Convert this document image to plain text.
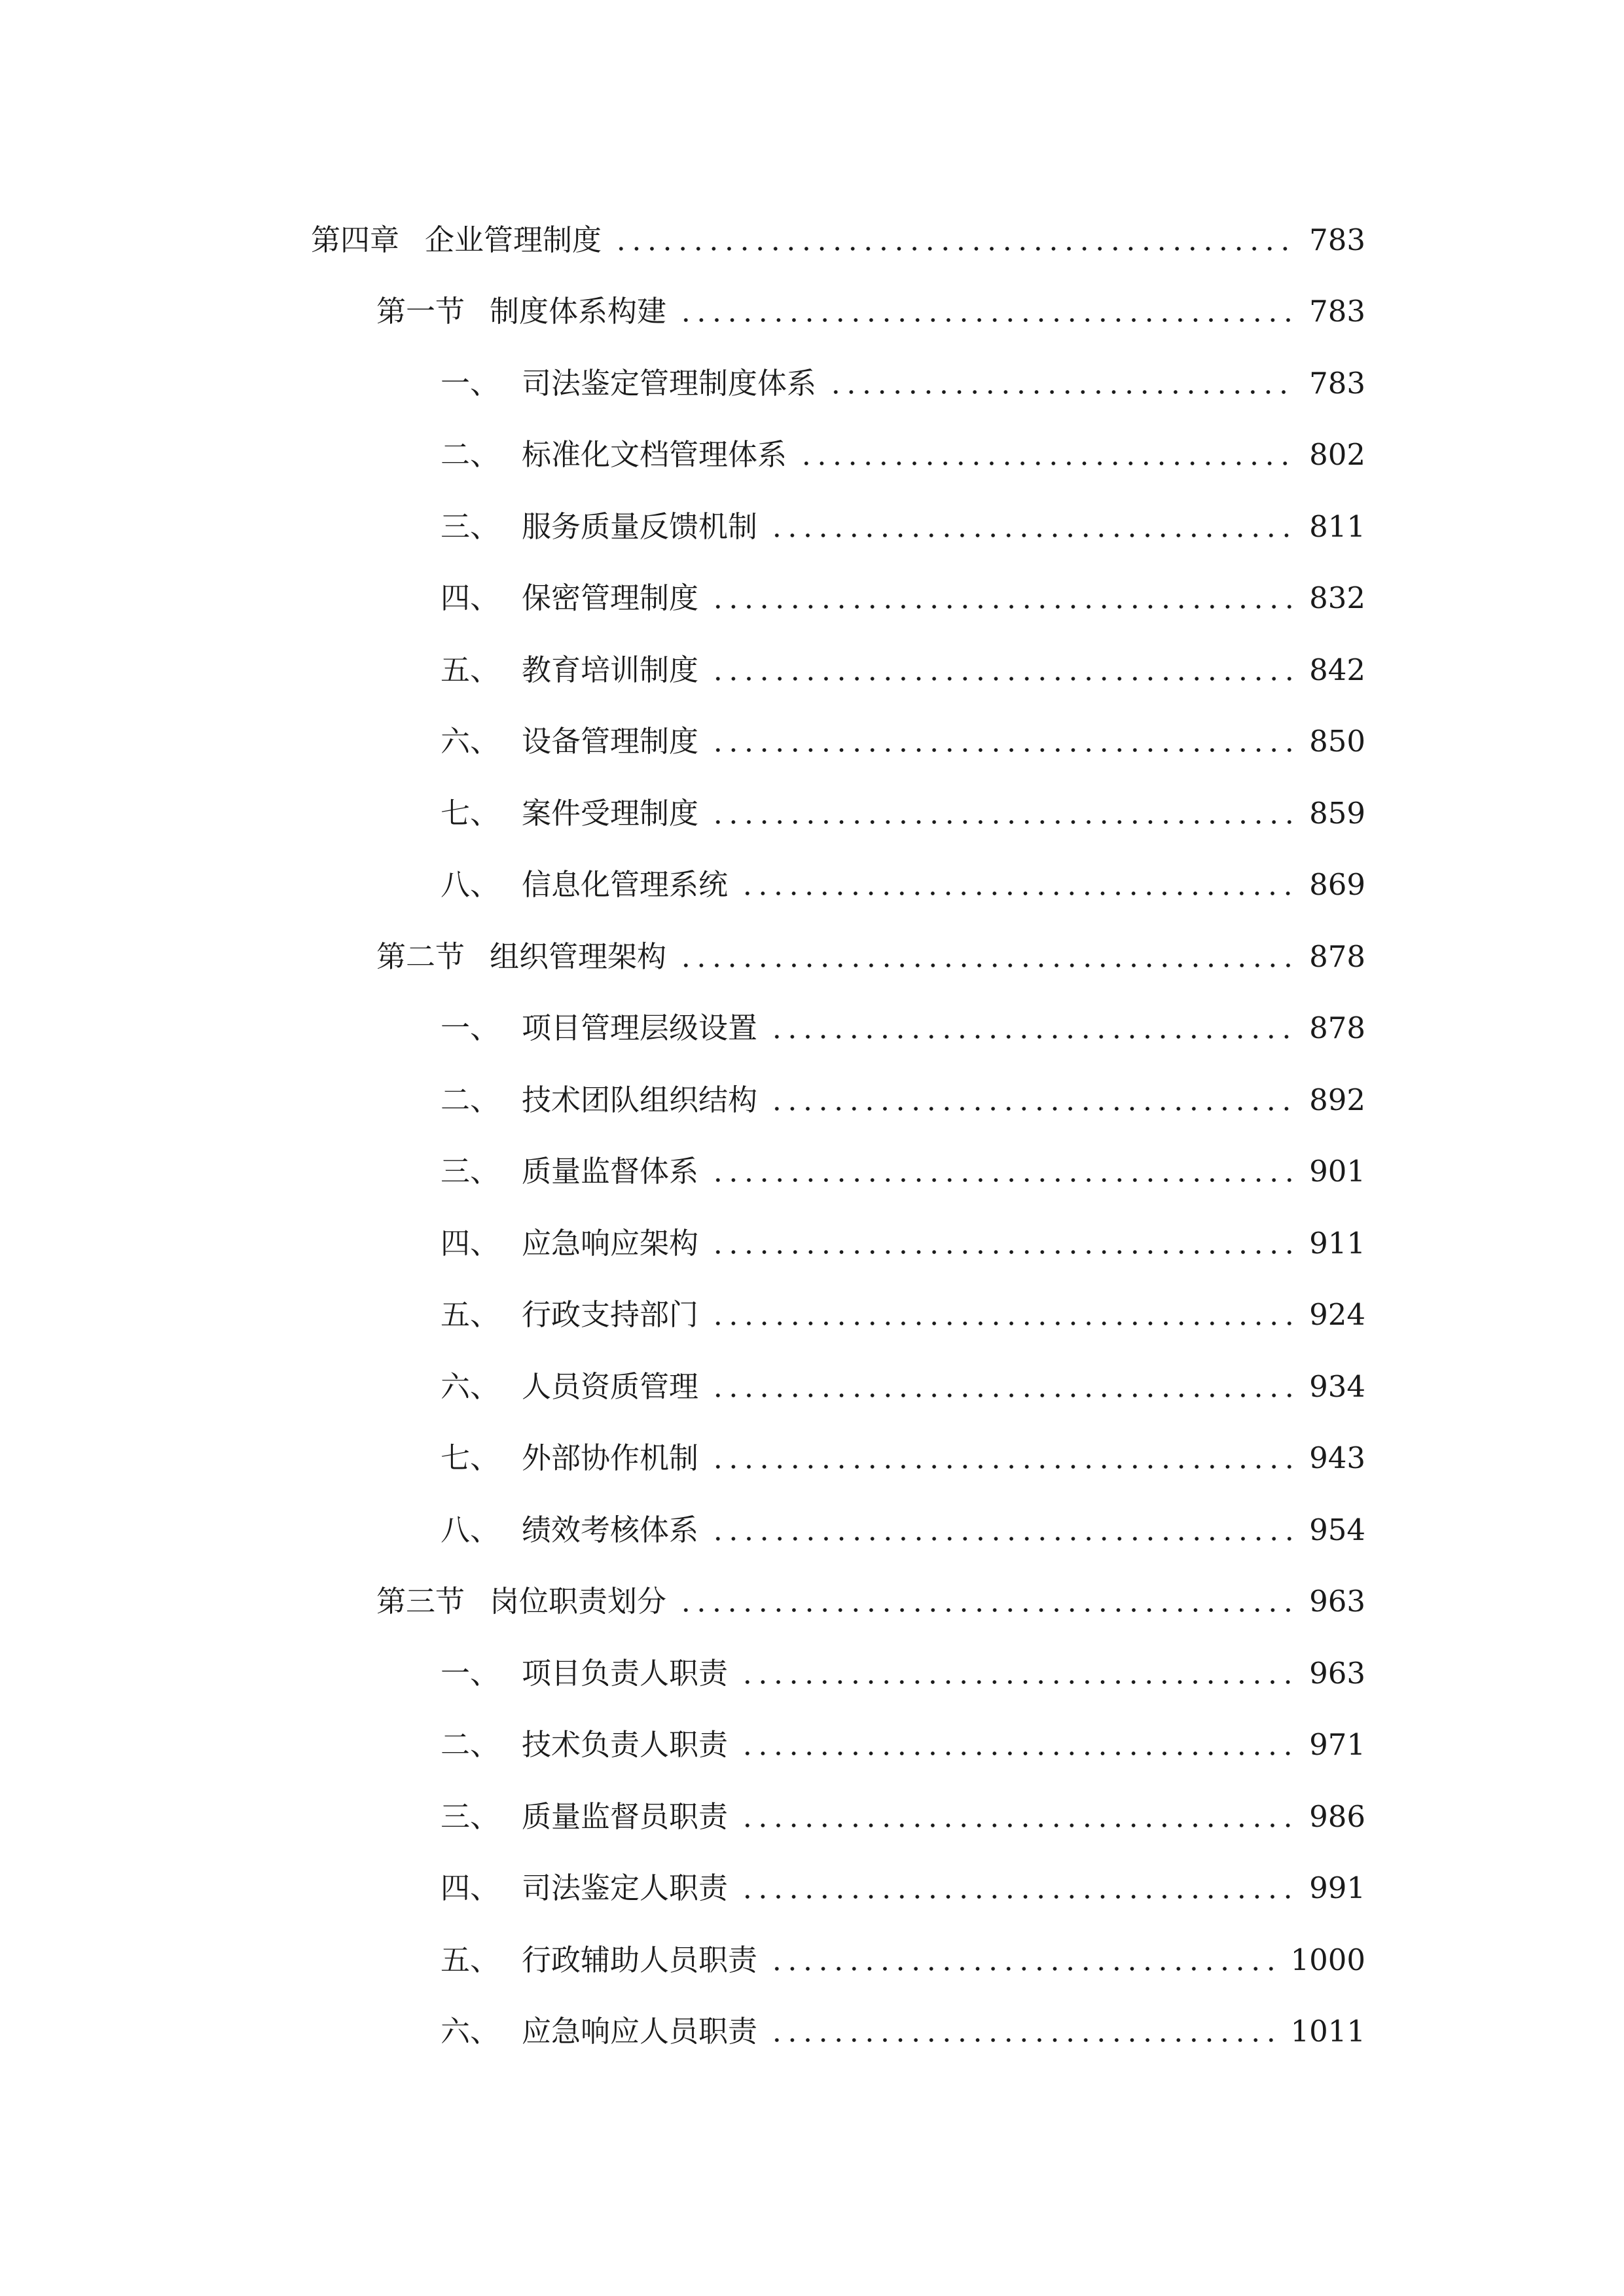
第四章 企业管理制度	783
第一节 制度体系构建	783
一、 司法鉴定管理制度体系	783
二、 标准化文档管理体系	802
三、 服务质量反馈机制	811
四、 保密管理制度	832
五、 教育培训制度	842
六、 设备管理制度	850
七、 案件受理制度	859
八、 信息化管理系统	869
第二节 组织管理架构	878
一、 项目管理层级设置	878
二、 技术团队组织结构	892
三、 质量监督体系	901
四、 应急响应架构	911
五、 行政支持部门	924
六、 人员资质管理	934
七、 外部协作机制	943
八、 绩效考核体系	954
第三节 岗位职责划分	963
一、 项目负责人职责	963
二、 技术负责人职责	971
三、 质量监督员职责	986
四、 司法鉴定人职责	991
五、 行政辅助人员职责	1000
六、 应急响应人员职责	1011
